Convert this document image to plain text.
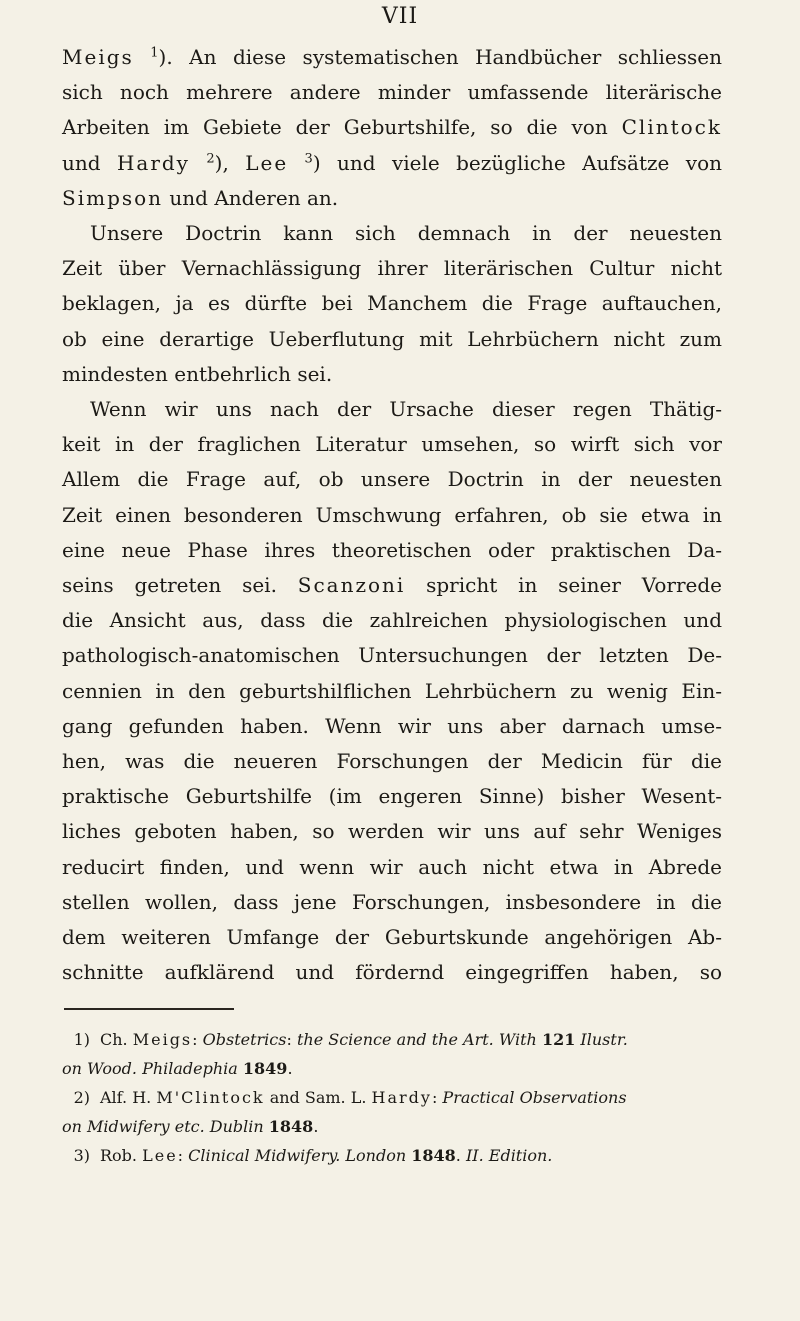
VII
Meigs $^1$). An diese systematischen Handbücher schliessen
sich noch mehrere andere minder umfassende literärische
Arbeiten im Gebiete der Geburtshilfe, so die von Clintock
und Hardy $^2$), Lee $^3$) und viele bezügliche Aufsätze von
Simpson und Anderen an.
Unsere Doctrin kann sich demnach in der neuesten
Zeit über Vernachlässigung ihrer literärischen Cultur nicht
beklagen, ja es dürfte bei Manchem die Frage auftauchen,
ob eine derartige Ueberflutung mit Lehrbüchern nicht zum
mindesten entbehrlich sei.
Wenn wir uns nach der Ursache dieser regen Thätig-
keit in der fraglichen Literatur umsehen, so wirft sich vor
Allem die Frage auf, ob unsere Doctrin in der neuesten
Zeit einen besonderen Umschwung erfahren, ob sie etwa in
eine neue Phase ihres theoretischen oder praktischen Da-
seins getreten sei. Scanzoni spricht in seiner Vorrede
die Ansicht aus, dass die zahlreichen physiologischen und
pathologisch-anatomischen Untersuchungen der letzten De-
cennien in den geburtshilflichen Lehrbüchern zu wenig Ein-
gang gefunden haben. Wenn wir uns aber darnach umse-
hen, was die neueren Forschungen der Medicin für die
praktische Geburtshilfe (im engeren Sinne) bisher Wesent-
liches geboten haben, so werden wir uns auf sehr Weniges
reducirt finden, und wenn wir auch nicht etwa in Abrede
stellen wollen, dass jene Forschungen, insbesondere in die
dem weiteren Umfange der Geburtskunde angehörigen Ab-
schnitte aufklärend und fördernd eingegriffen haben, so
1) Ch. Meigs: Obstetrics: the Science and the Art. With 121 Ilustr.
on Wood. Philadephia 1849.
2) Alf. H. M'Clintock and Sam. L. Hardy: Practical Observations
on Midwifery etc. Dublin 1848.
3) Rob. Lee: Clinical Midwifery. London 1848. II. Edition.
